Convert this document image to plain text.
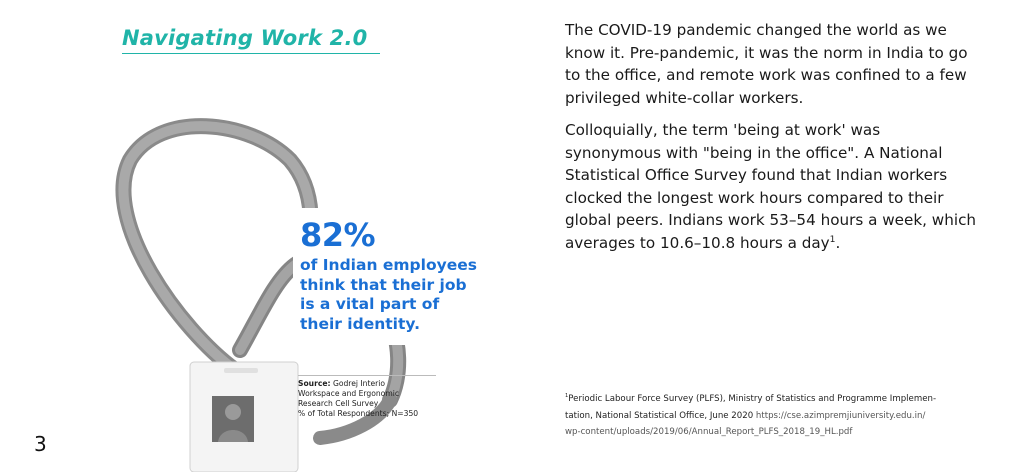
Navigating Work 2.0
82%
of Indian employees
think that their job
is a vital part of
their identity.
Source: Godrej Interio
Workspace and Ergonomic
Research Cell Survey
% of Total Respondents; N=350
3
The COVID-19 pandemic changed the world as we
know it. Pre-pandemic, it was the norm in India to go
to the office, and remote work was confined to a few
privileged white-collar workers.
Colloquially, the term 'being at work' was
synonymous with "being in the office". A National
Statistical Office Survey found that Indian workers
clocked the longest work hours compared to their
global peers. Indians work 53–54 hours a week, which
averages to 10.6–10.8 hours a day$^1$.
$^1$Periodic Labour Force Survey (PLFS), Ministry of Statistics and Programme Implemen-
tation, National Statistical Office, June 2020 https://cse.azimpremjiuniversity.edu.in/
wp-content/uploads/2019/06/Annual_Report_PLFS_2018_19_HL.pdf
